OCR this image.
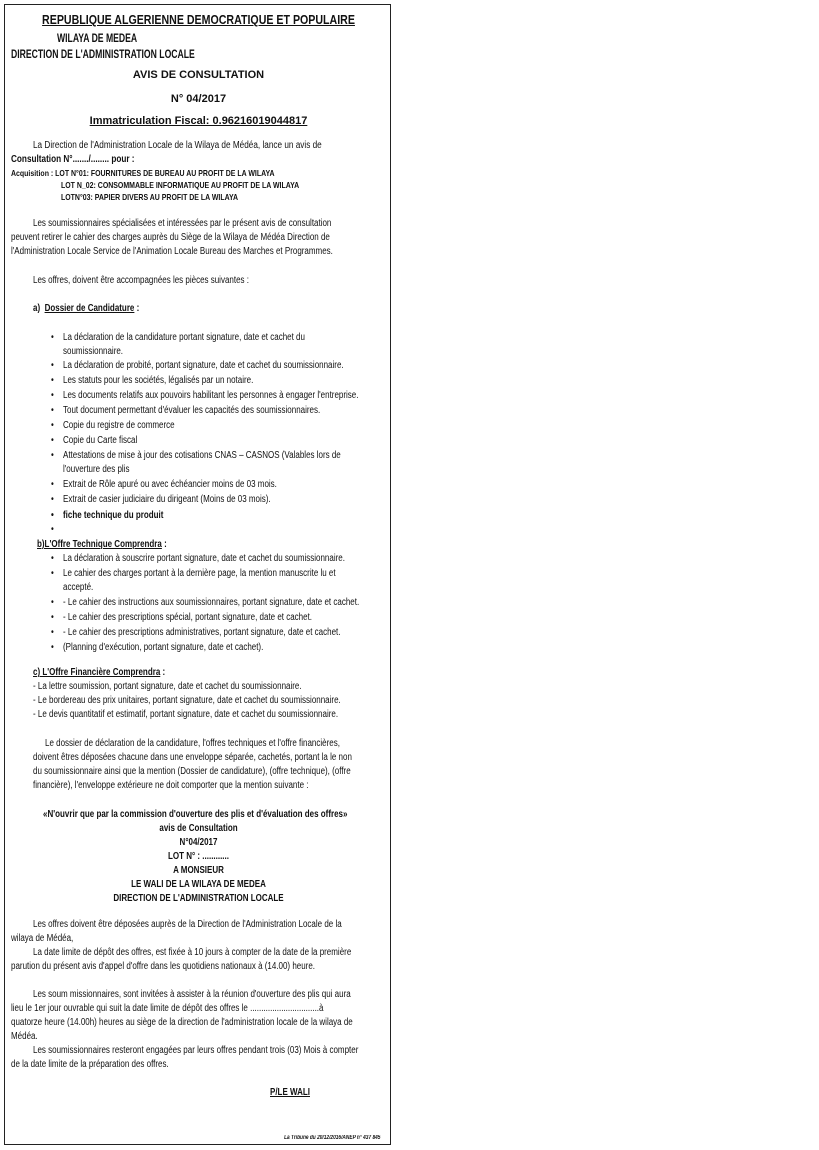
REPUBLIQUE ALGERIENNE DEMOCRATIQUE ET POPULAIRE
WILAYA DE MEDEA
DIRECTION DE L'ADMINISTRATION LOCALE
AVIS DE CONSULTATION
N° 04/2017
Immatriculation Fiscal: 0.96216019044817
La Direction de l'Administration Locale de la Wilaya de Médéa, lance un avis de
Consultation N°......./........ pour :
Acquisition : LOT N°01: FOURNITURES DE BUREAU AU PROFIT DE LA WILAYA
LOT N_02: CONSOMMABLE INFORMATIQUE AU PROFIT DE LA WILAYA
LOTN°03: PAPIER DIVERS AU PROFIT DE LA WILAYA
Les soumissionnaires spécialisées et intéressées par le présent avis de consultation
peuvent retirer le cahier des charges auprès du Siège de la Wilaya de Médéa Direction de
l'Administration Locale Service de l'Animation Locale Bureau des Marches et Programmes.
Les offres, doivent être accompagnées les pièces suivantes :
a) Dossier de Candidature :
• La déclaration de la candidature portant signature, date et cachet du
soumissionnaire.
• La déclaration de probité, portant signature, date et cachet du soumissionnaire.
• Les statuts pour les sociétés, légalisés par un notaire.
• Les documents relatifs aux pouvoirs habilitant les personnes à engager l'entreprise.
• Tout document permettant d'évaluer les capacités des soumissionnaires.
• Copie du registre de commerce
• Copie du Carte fiscal
• Attestations de mise à jour des cotisations CNAS – CASNOS (Valables lors de
l'ouverture des plis
• Extrait de Rôle apuré ou avec échéancier moins de 03 mois.
• Extrait de casier judiciaire du dirigeant (Moins de 03 mois).
• fiche technique du produit
b)L'Offre Technique Comprendra :
• La déclaration à souscrire portant signature, date et cachet du soumissionnaire.
• Le cahier des charges portant à la dernière page, la mention manuscrite lu et
accepté.
• - Le cahier des instructions aux soumissionnaires, portant signature, date et cachet.
• - Le cahier des prescriptions spécial, portant signature, date et cachet.
• - Le cahier des prescriptions administratives, portant signature, date et cachet.
• (Planning d'exécution, portant signature, date et cachet).
c) L'Offre Financière Comprendra :
- La lettre soumission, portant signature, date et cachet du soumissionnaire.
- Le bordereau des prix unitaires, portant signature, date et cachet du soumissionnaire.
- Le devis quantitatif et estimatif, portant signature, date et cachet du soumissionnaire.
Le dossier de déclaration de la candidature, l'offres techniques et l'offre financières,
doivent êtres déposées chacune dans une enveloppe séparée, cachetés, portant la le non
du soumissionnaire ainsi que la mention (Dossier de candidature), (offre technique), (offre
financière), l'enveloppe extérieure ne doit comporter que la mention suivante :
«N'ouvrir que par la commission d'ouverture des plis et d'évaluation des offres»
avis de Consultation
N°04/2017
LOT N° : ............
A MONSIEUR
LE WALI DE LA WILAYA DE MEDEA
DIRECTION DE L'ADMINISTRATION LOCALE
Les offres doivent être déposées auprès de la Direction de l'Administration Locale de la
wilaya de Médéa,
La date limite de dépôt des offres, est fixée à 10 jours à compter de la date de la première
parution du présent avis d'appel d'offre dans les quotidiens nationaux à (14.00) heure.
Les soum missionnaires, sont invitées à assister à la réunion d'ouverture des plis qui aura
lieu le 1er jour ouvrable qui suit la date limite de dépôt des offres le ...............................à
quatorze heure (14.00h) heures au siège de la direction de l'administration locale de la wilaya de
Médéa.
Les soumissionnaires resteront engagées par leurs offres pendant trois (03) Mois à compter
de la date limite de la préparation des offres.
P/LE WALI
La Tribune du 20/12/2016/ANEP n° 437 845
